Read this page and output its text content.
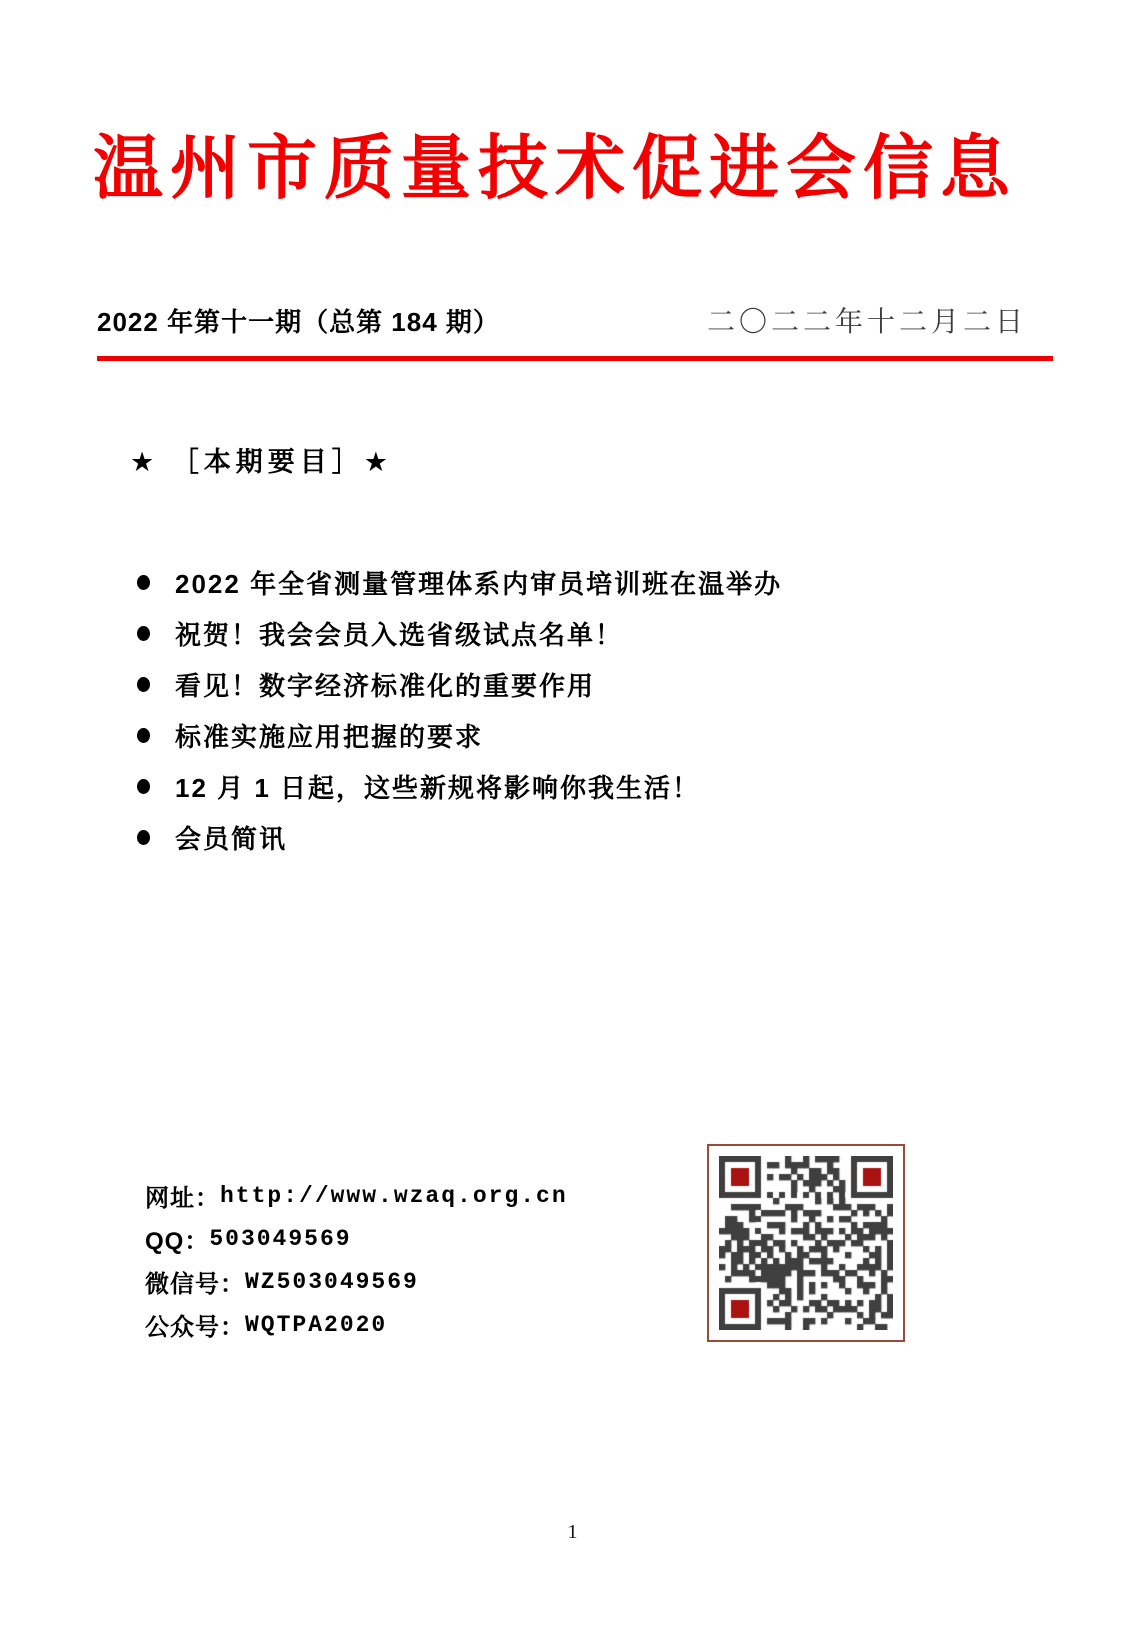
温州市质量技术促进会信息
2022 年第十一期（总第 184 期）	二〇二二年十二月二日
★ ［本期要目］★
2022 年全省测量管理体系内审员培训班在温举办
祝贺！我会会员入选省级试点名单！
看见！数字经济标准化的重要作用
标准实施应用把握的要求
12 月 1 日起，这些新规将影响你我生活！
会员简讯
网址： http://www.wzaq.org.cn
QQ： 503049569
微信号： WZ503049569
公众号： WQTPA2020
1
